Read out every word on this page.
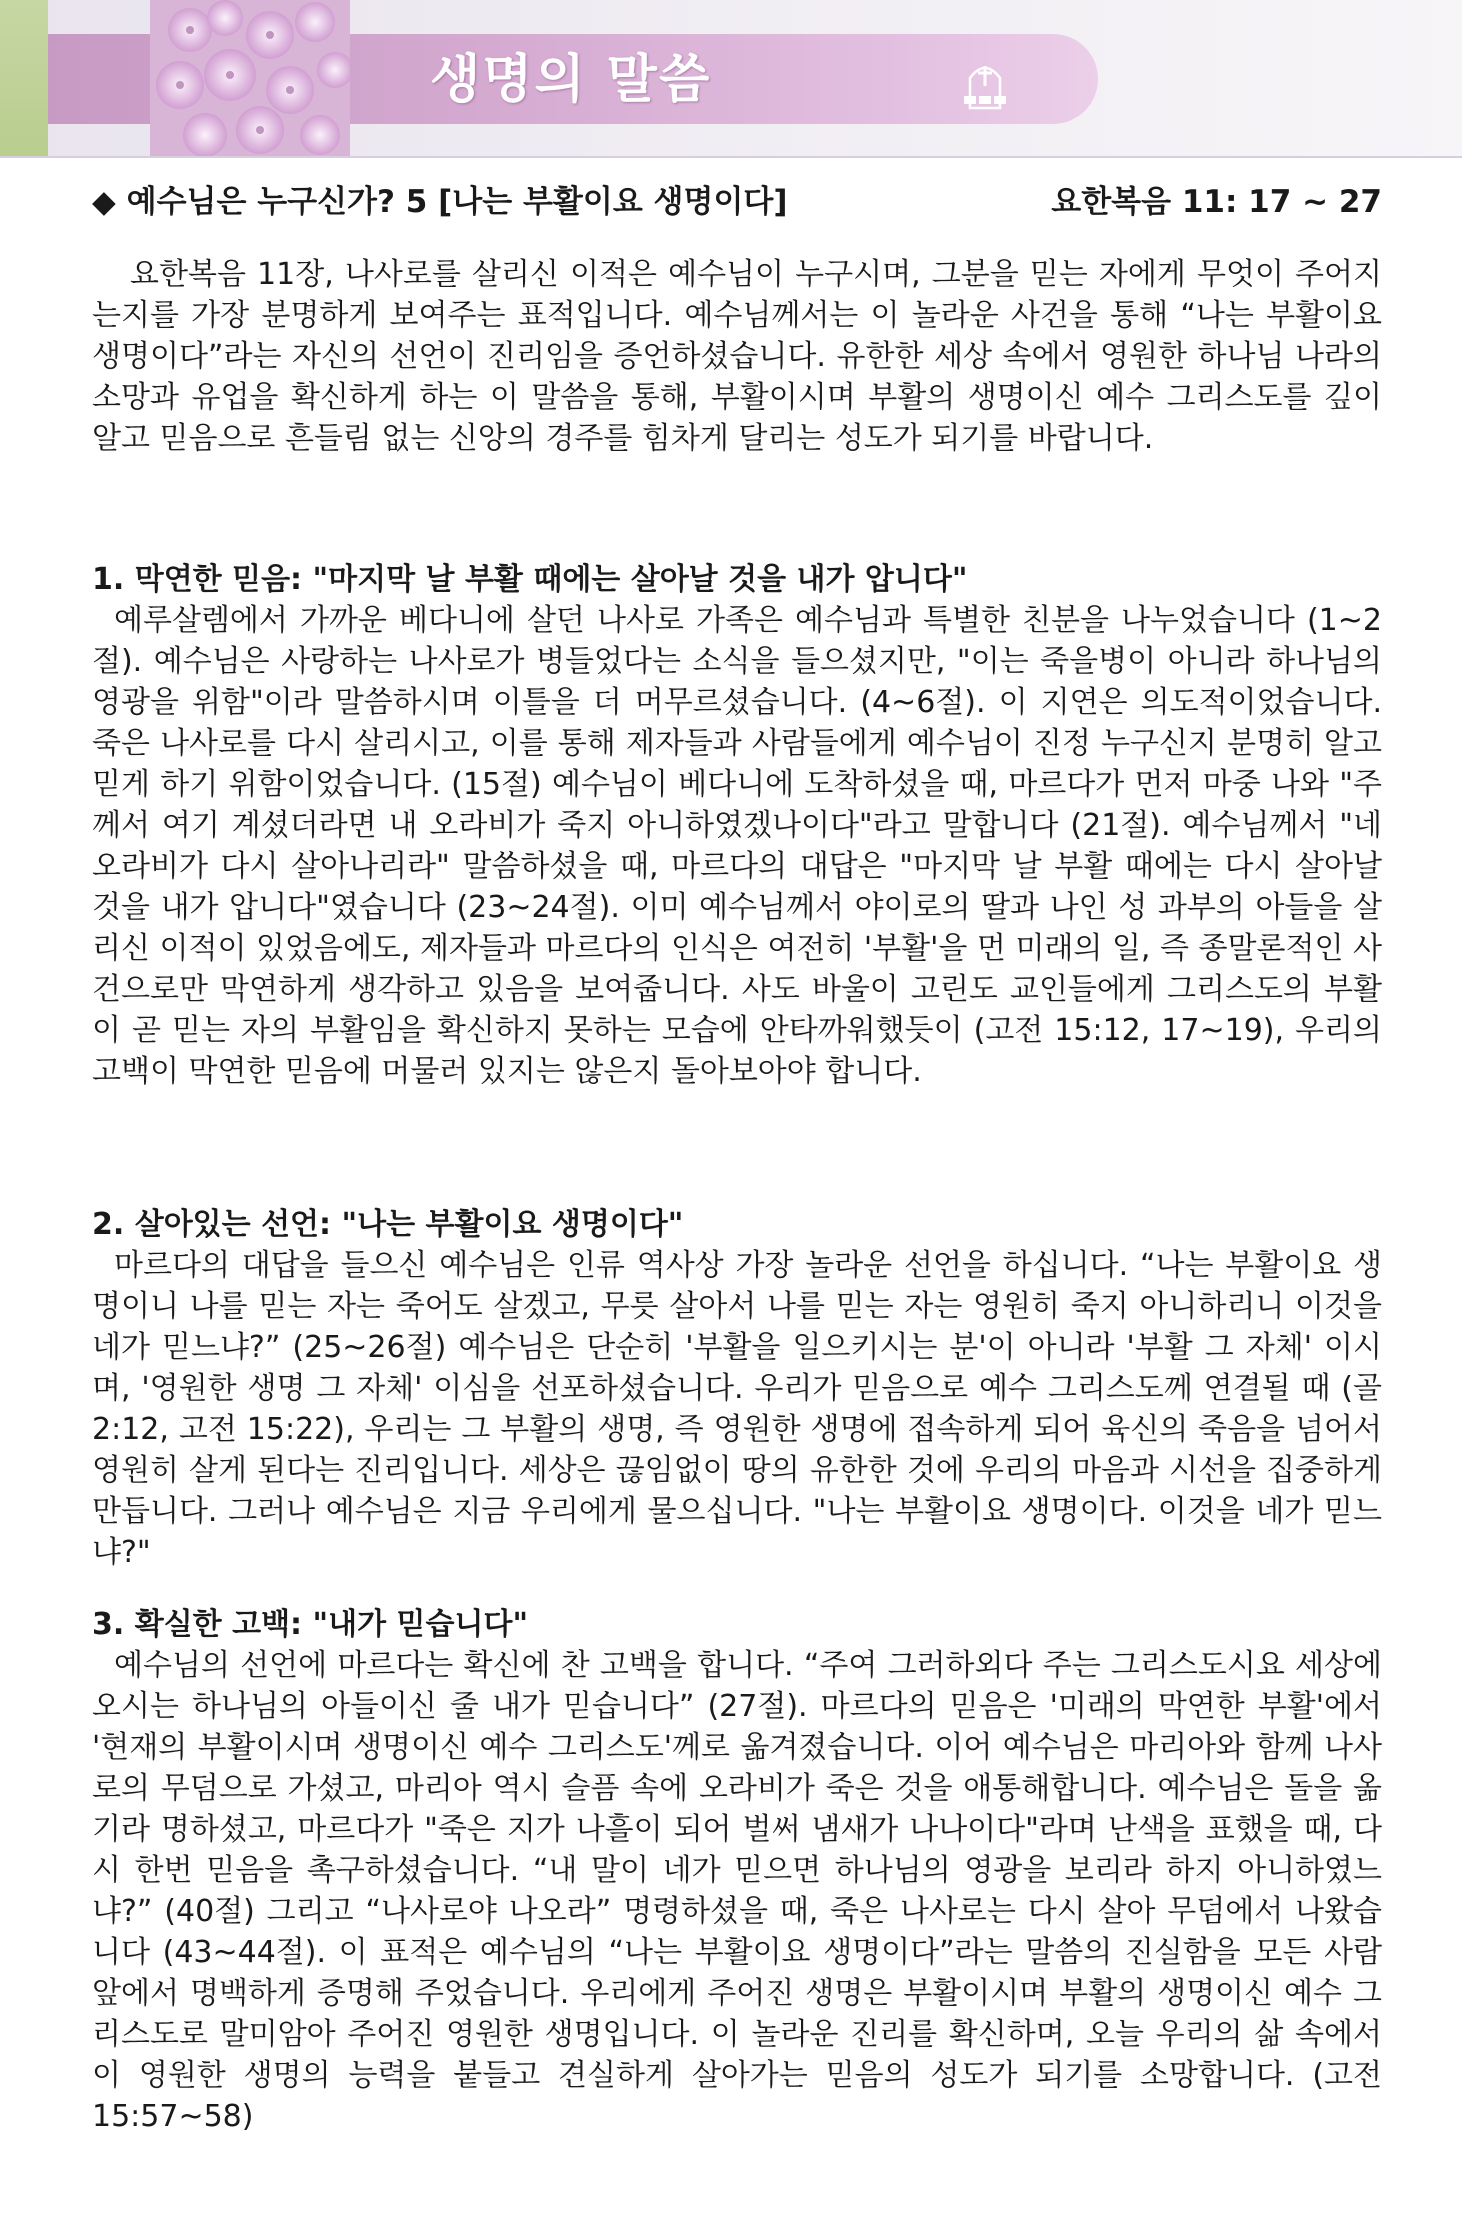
생명의 말씀
◆ 예수님은 누구신가? 5 [나는 부활이요 생명이다]	요한복음 11: 17 ~ 27

요한복음 11장, 나사로를 살리신 이적은 예수님이 누구시며, 그분을 믿는 자에게 무엇이 주어지는지를 가장 분명하게 보여주는 표적입니다. 예수님께서는 이 놀라운 사건을 통해 “나는 부활이요 생명이다”라는 자신의 선언이 진리임을 증언하셨습니다. 유한한 세상 속에서 영원한 하나님 나라의 소망과 유업을 확신하게 하는 이 말씀을 통해, 부활이시며 부활의 생명이신 예수 그리스도를 깊이 알고 믿음으로 흔들림 없는 신앙의 경주를 힘차게 달리는 성도가 되기를 바랍니다.

1. 막연한 믿음: "마지막 날 부활 때에는 살아날 것을 내가 압니다"

예루살렘에서 가까운 베다니에 살던 나사로 가족은 예수님과 특별한 친분을 나누었습니다 (1~2절). 예수님은 사랑하는 나사로가 병들었다는 소식을 들으셨지만, "이는 죽을병이 아니라 하나님의 영광을 위함"이라 말씀하시며 이틀을 더 머무르셨습니다. (4~6절). 이 지연은 의도적이었습니다. 죽은 나사로를 다시 살리시고, 이를 통해 제자들과 사람들에게 예수님이 진정 누구신지 분명히 알고 믿게 하기 위함이었습니다. (15절) 예수님이 베다니에 도착하셨을 때, 마르다가 먼저 마중 나와 "주께서 여기 계셨더라면 내 오라비가 죽지 아니하였겠나이다"라고 말합니다 (21절). 예수님께서 "네 오라비가 다시 살아나리라" 말씀하셨을 때, 마르다의 대답은 "마지막 날 부활 때에는 다시 살아날 것을 내가 압니다"였습니다 (23~24절). 이미 예수님께서 야이로의 딸과 나인 성 과부의 아들을 살리신 이적이 있었음에도, 제자들과 마르다의 인식은 여전히 '부활'을 먼 미래의 일, 즉 종말론적인 사건으로만 막연하게 생각하고 있음을 보여줍니다. 사도 바울이 고린도 교인들에게 그리스도의 부활이 곧 믿는 자의 부활임을 확신하지 못하는 모습에 안타까워했듯이 (고전 15:12, 17~19), 우리의 고백이 막연한 믿음에 머물러 있지는 않은지 돌아보아야 합니다.

2. 살아있는 선언: "나는 부활이요 생명이다"

마르다의 대답을 들으신 예수님은 인류 역사상 가장 놀라운 선언을 하십니다. “나는 부활이요 생명이니 나를 믿는 자는 죽어도 살겠고, 무릇 살아서 나를 믿는 자는 영원히 죽지 아니하리니 이것을 네가 믿느냐?” (25~26절) 예수님은 단순히 '부활을 일으키시는 분'이 아니라 '부활 그 자체' 이시며, '영원한 생명 그 자체' 이심을 선포하셨습니다. 우리가 믿음으로 예수 그리스도께 연결될 때 (골 2:12, 고전 15:22), 우리는 그 부활의 생명, 즉 영원한 생명에 접속하게 되어 육신의 죽음을 넘어서 영원히 살게 된다는 진리입니다. 세상은 끊임없이 땅의 유한한 것에 우리의 마음과 시선을 집중하게 만듭니다. 그러나 예수님은 지금 우리에게 물으십니다. "나는 부활이요 생명이다. 이것을 네가 믿느냐?"

3. 확실한 고백: "내가 믿습니다"

예수님의 선언에 마르다는 확신에 찬 고백을 합니다. “주여 그러하외다 주는 그리스도시요 세상에 오시는 하나님의 아들이신 줄 내가 믿습니다” (27절). 마르다의 믿음은 '미래의 막연한 부활'에서 '현재의 부활이시며 생명이신 예수 그리스도'께로 옮겨졌습니다. 이어 예수님은 마리아와 함께 나사로의 무덤으로 가셨고, 마리아 역시 슬픔 속에 오라비가 죽은 것을 애통해합니다. 예수님은 돌을 옮기라 명하셨고, 마르다가 "죽은 지가 나흘이 되어 벌써 냄새가 나나이다"라며 난색을 표했을 때, 다시 한번 믿음을 촉구하셨습니다. “내 말이 네가 믿으면 하나님의 영광을 보리라 하지 아니하였느냐?” (40절) 그리고 “나사로야 나오라” 명령하셨을 때, 죽은 나사로는 다시 살아 무덤에서 나왔습니다 (43~44절). 이 표적은 예수님의 “나는 부활이요 생명이다”라는 말씀의 진실함을 모든 사람 앞에서 명백하게 증명해 주었습니다. 우리에게 주어진 생명은 부활이시며 부활의 생명이신 예수 그리스도로 말미암아 주어진 영원한 생명입니다. 이 놀라운 진리를 확신하며, 오늘 우리의 삶 속에서 이 영원한 생명의 능력을 붙들고 견실하게 살아가는 믿음의 성도가 되기를 소망합니다. (고전 15:57~58)
